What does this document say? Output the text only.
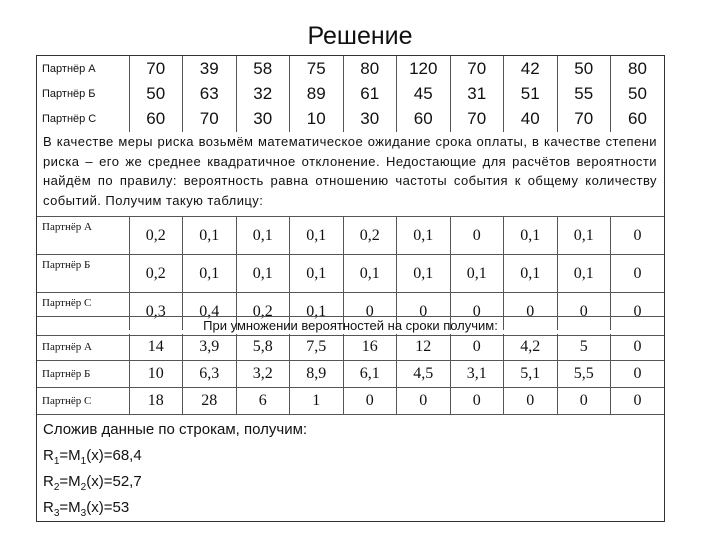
Решение
Партнёр А	70	39	58	75	80	120	70	42	50	80
Партнёр Б	50	63	32	89	61	45	31	51	55	50
Партнёр С	60	70	30	10	30	60	70	40	70	60
В качестве меры риска возьмём математическое ожидание срока оплаты, в качестве степени риска – его же среднее квадратичное отклонение. Недостающие для расчётов вероятности найдём по правилу: вероятность равна отношению частоты события к общему количеству событий. Получим такую таблицу:
Партнёр А	0,2	0,1	0,1	0,1	0,2	0,1	0	0,1	0,1	0
Партнёр Б	0,2	0,1	0,1	0,1	0,1	0,1	0,1	0,1	0,1	0
Партнёр С	0,3	0,4	0,2	0,1	0	0	0	0	0	0
При умножении вероятностей на сроки получим:
Партнёр А	14	3,9	5,8	7,5	16	12	0	4,2	5	0
Партнёр Б	10	6,3	3,2	8,9	6,1	4,5	3,1	5,1	5,5	0
Партнёр С	18	28	6	1	0	0	0	0	0	0
Сложив данные по строкам, получим:
$R_1=M_1(x)=68,4$
$R_2=M_2(x)=52,7$
$R_3=M_3(x)=53$
